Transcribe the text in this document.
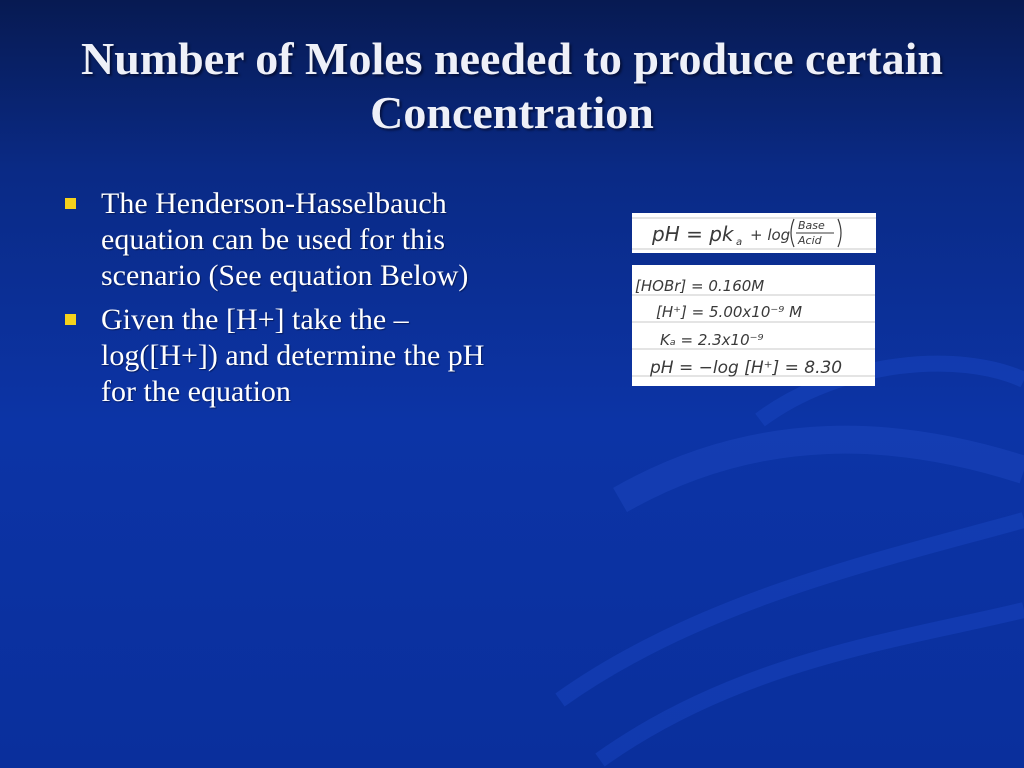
Number of Moles needed to produce certain Concentration
The Henderson-Hasselbauch equation can be used for this scenario (See equation Below)
Given the [H+] take the –log([H+]) and determine the pH for the equation
pH = pk a + log
Base
Acid
[HOBr] = 0.160M
[H⁺] = 5.00x10⁻⁹ M
Kₐ = 2.3x10⁻⁹
pH = −log [H⁺] = 8.30
